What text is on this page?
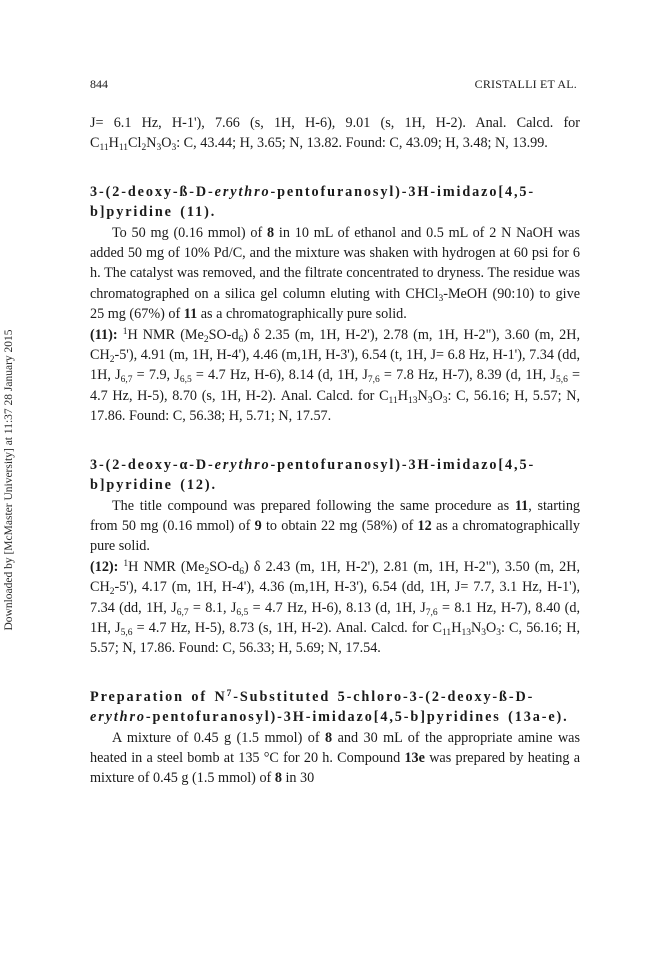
Downloaded by [McMaster University] at 11:37 28 January 2015
844	CRISTALLI ET AL.

J= 6.1 Hz, H-1'), 7.66 (s, 1H, H-6), 9.01 (s, 1H, H-2). Anal. Calcd. for $C_{11}H_{11}Cl_2N_3O_3$: C, 43.44; H, 3.65; N, 13.82. Found: C, 43.09; H, 3.48; N, 13.99.

3-(2-deoxy-ß-D-erythro-pentofuranosyl)-3H-imidazo[4,5- b]pyridine (11).

To 50 mg (0.16 mmol) of 8 in 10 mL of ethanol and 0.5 mL of 2 N NaOH was added 50 mg of 10% Pd/C, and the mixture was shaken with hydrogen at 60 psi for 6 h. The catalyst was removed, and the filtrate concentrated to dryness. The residue was chromatographed on a silica gel column eluting with CHCl$_3$-MeOH (90:10) to give 25 mg (67%) of 11 as a chromatographically pure solid.

(11): $^1$H NMR $(Me_2SO-d_6)$ δ 2.35 (m, 1H, H-2'), 2.78 (m, 1H, H-2"), 3.60 (m, 2H, $CH_2-5'$), 4.91 (m, 1H, H-4'), 4.46 (m,1H, H-3'), 6.54 (t, 1H, J= 6.8 Hz, H-1'), 7.34 (dd, 1H, $J_{6,7} = 7.9$, $J_{6,5} = 4.7$ Hz, H-6), 8.14 (d, 1H, $J_{7,6} = 7.8$ Hz, H-7), 8.39 (d, 1H, $J_{5,6} = 4.7$ Hz, H-5), 8.70 (s, 1H, H-2). Anal. Calcd. for $C_{11}H_{13}N_3O_3$: C, 56.16; H, 5.57; N, 17.86. Found: C, 56.38; H, 5.71; N, 17.57.

3-(2-deoxy-α-D-erythro-pentofuranosyl)-3H-imidazo[4,5- b]pyridine (12).

The title compound was prepared following the same procedure as 11, starting from 50 mg (0.16 mmol) of 9 to obtain 22 mg (58%) of 12 as a chromatographically pure solid.

(12): $^1$H NMR $(Me_2SO-d_6)$ δ 2.43 (m, 1H, H-2'), 2.81 (m, 1H, H-2"), 3.50 (m, 2H, $CH_2-5'$), 4.17 (m, 1H, H-4'), 4.36 (m,1H, H-3'), 6.54 (dd, 1H, J= 7.7, 3.1 Hz, H-1'), 7.34 (dd, 1H, $J_{6,7} = 8.1$, $J_{6,5} = 4.7$ Hz, H-6), 8.13 (d, 1H, $J_{7,6} = 8.1$ Hz, H-7), 8.40 (d, 1H, $J_{5,6} = 4.7$ Hz, H-5), 8.73 (s, 1H, H-2). Anal. Calcd. for $C_{11}H_{13}N_3O_3$: C, 56.16; H, 5.57; N, 17.86. Found: C, 56.33; H, 5.69; N, 17.54.

Preparation of $N^7$-Substituted 5-chloro-3-(2-deoxy-ß-D-erythro-pentofuranosyl)-3H-imidazo[4,5-b]pyridines (13a-e).

A mixture of 0.45 g (1.5 mmol) of 8 and 30 mL of the appropriate amine was heated in a steel bomb at 135 °C for 20 h. Compound 13e was prepared by heating a mixture of 0.45 g (1.5 mmol) of 8 in 30
